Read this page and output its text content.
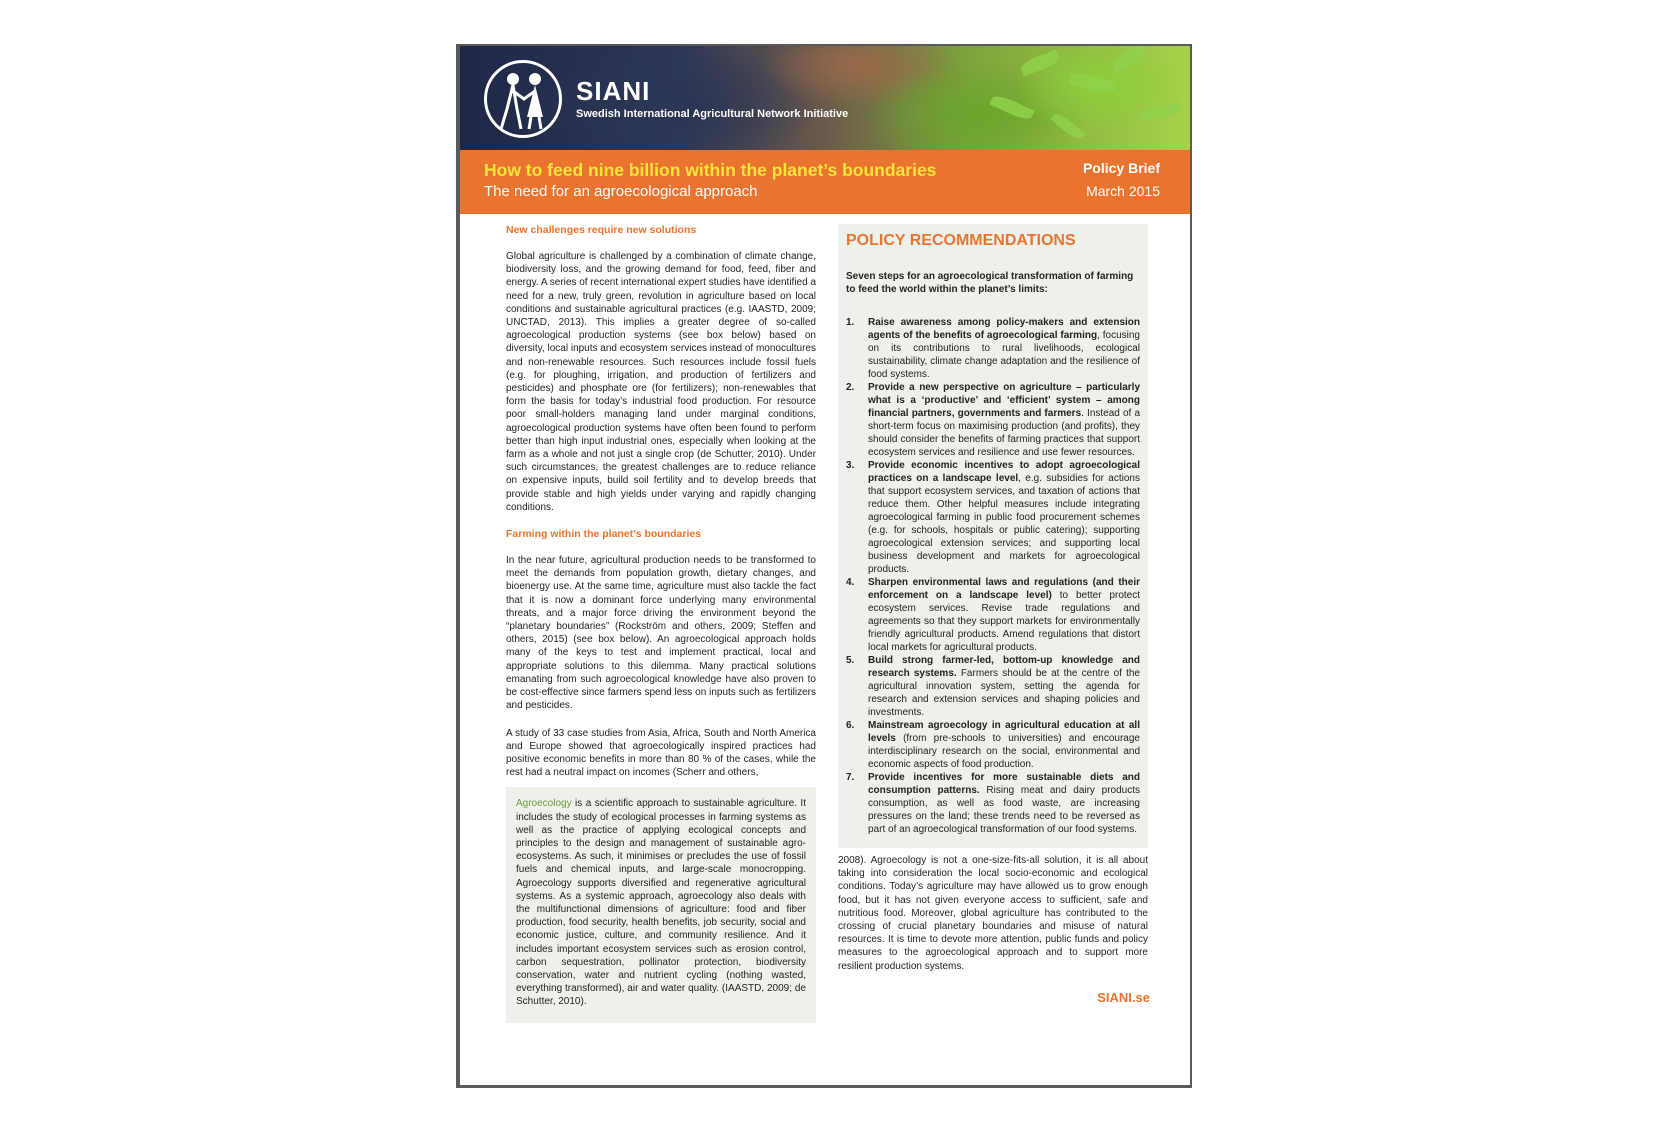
SIANI
Swedish International Agricultural Network Initiative
How to feed nine billion within the planet’s boundaries
The need for an agroecological approach
Policy Brief
March 2015
New challenges require new solutions

Global agriculture is challenged by a combination of climate change, biodiversity loss, and the growing demand for food, feed, fiber and energy. A series of recent international expert studies have identified a need for a new, truly green, revolution in agriculture based on local conditions and sustainable agricultural practices (e.g. IAASTD, 2009; UNCTAD, 2013). This implies a greater degree of so-called agroecological production systems (see box below) based on diversity, local inputs and ecosystem services instead of monocultures and non-renewable resources. Such resources include fossil fuels (e.g. for ploughing, irrigation, and production of fertilizers and pesticides) and phosphate ore (for fertilizers); non-renewables that form the basis for today’s industrial food production. For resource poor small-holders managing land under marginal conditions, agroecological production systems have often been found to perform better than high input industrial ones, especially when looking at the farm as a whole and not just a single crop (de Schutter, 2010). Under such circumstances, the greatest challenges are to reduce reliance on expensive inputs, build soil fertility and to develop breeds that provide stable and high yields under varying and rapidly changing conditions.

Farming within the planet’s boundaries

In the near future, agricultural production needs to be transformed to meet the demands from population growth, dietary changes, and bioenergy use. At the same time, agriculture must also tackle the fact that it is now a dominant force underlying many environmental threats, and a major force driving the environment beyond the “planetary boundaries” (Rockström and others, 2009; Steffen and others, 2015) (see box below). An agroecological approach holds many of the keys to test and implement practical, local and appropriate solutions to this dilemma. Many practical solutions emanating from such agroecological knowledge have also proven to be cost-effective since farmers spend less on inputs such as fertilizers and pesticides.

A study of 33 case studies from Asia, Africa, South and North America and Europe showed that agroecologically inspired practices had positive economic benefits in more than 80 % of the cases, while the rest had a neutral impact on incomes (Scherr and others,

Agroecology is a scientific approach to sustainable agriculture. It includes the study of ecological processes in farming systems as well as the practice of applying ecological concepts and principles to the design and management of sustainable agro-ecosystems. As such, it minimises or precludes the use of fossil fuels and chemical inputs, and large-scale monocropping. Agroecology supports diversified and regenerative agricultural systems. As a systemic approach, agroecology also deals with the multifunctional dimensions of agriculture: food and fiber production, food security, health benefits, job security, social and economic justice, culture, and community resilience. And it includes important ecosystem services such as erosion control, carbon sequestration, pollinator protection, biodiversity conservation, water and nutrient cycling (nothing wasted, everything transformed), air and water quality. (IAASTD, 2009; de Schutter, 2010).
POLICY RECOMMENDATIONS
Seven steps for an agroecological transformation of farming to feed the world within the planet’s limits:
1.	Raise awareness among policy-makers and extension agents of the benefits of agroecological farming, focusing on its contributions to rural livelihoods, ecological sustainability, climate change adaptation and the resilience of food systems.
2.	Provide a new perspective on agriculture – particularly what is a ‘productive’ and ‘efficient’ system – among financial partners, governments and farmers. Instead of a short-term focus on maximising production (and profits), they should consider the benefits of farming practices that support ecosystem services and resilience and use fewer resources.
3.	Provide economic incentives to adopt agroecological practices on a landscape level, e.g. subsidies for actions that support ecosystem services, and taxation of actions that reduce them. Other helpful measures include integrating agroecological farming in public food procurement schemes (e.g. for schools, hospitals or public catering); supporting agroecological extension services; and supporting local business development and markets for agroecological products.
4.	Sharpen environmental laws and regulations (and their enforcement on a landscape level) to better protect ecosystem services. Revise trade regulations and agreements so that they support markets for environmentally friendly agricultural products. Amend regulations that distort local markets for agricultural products.
5.	Build strong farmer-led, bottom-up knowledge and research systems. Farmers should be at the centre of the agricultural innovation system, setting the agenda for research and extension services and shaping policies and investments.
6.	Mainstream agroecology in agricultural education at all levels (from pre-schools to universities) and encourage interdisciplinary research on the social, environmental and economic aspects of food production.
7.	Provide incentives for more sustainable diets and consumption patterns. Rising meat and dairy products consumption, as well as food waste, are increasing pressures on the land; these trends need to be reversed as part of an agroecological transformation of our food systems.
2008). Agroecology is not a one-size-fits-all solution, it is all about taking into consideration the local socio-economic and ecological conditions. Today’s agriculture may have allowed us to grow enough food, but it has not given everyone access to sufficient, safe and nutritious food. Moreover, global agriculture has contributed to the crossing of crucial planetary boundaries and misuse of natural resources. It is time to devote more attention, public funds and policy measures to the agroecological approach and to support more resilient production systems.
SIANI.se
